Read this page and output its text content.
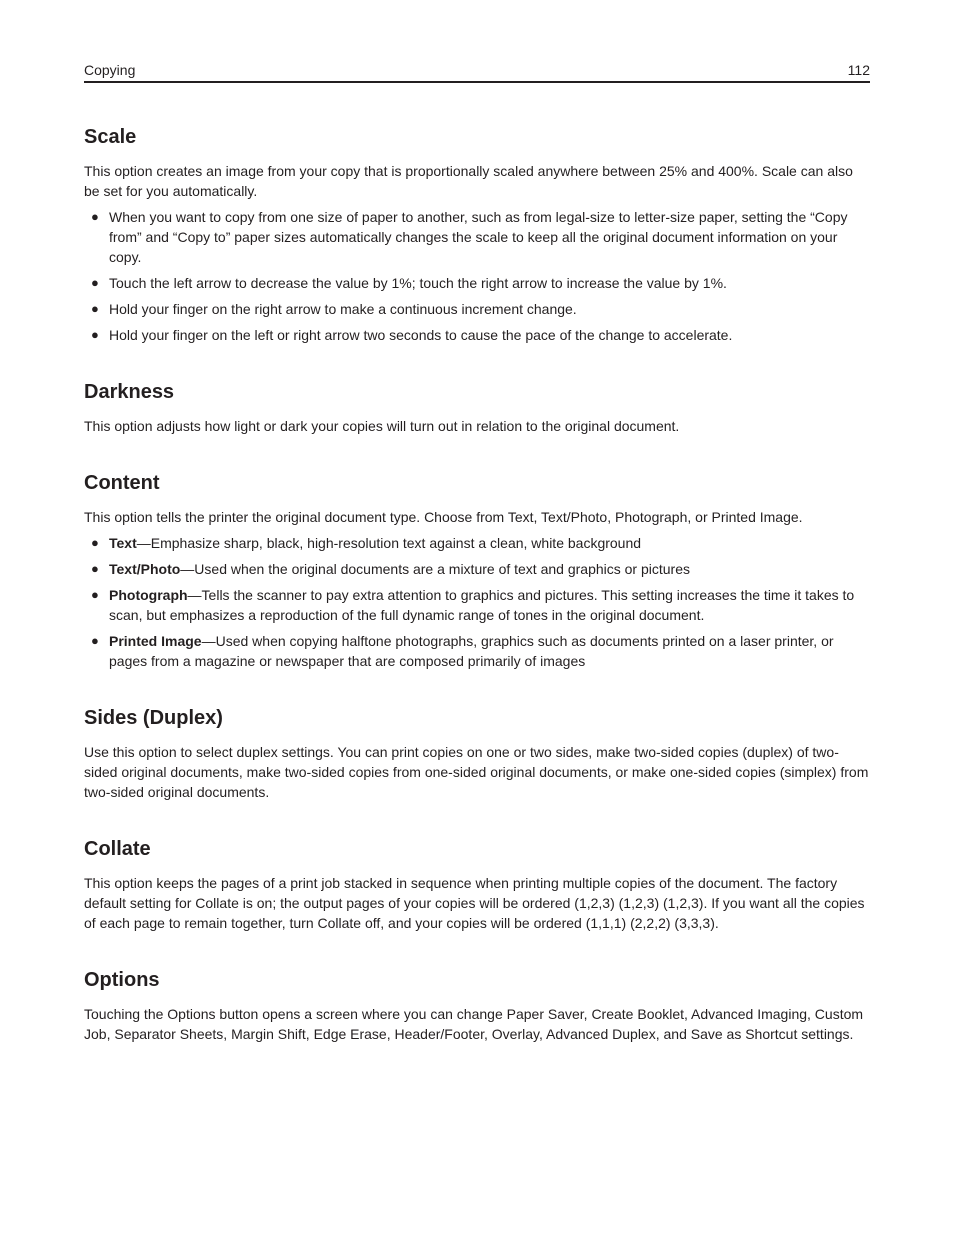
Copying	112
Scale

This option creates an image from your copy that is proportionally scaled anywhere between 25% and 400%. Scale can also be set for you automatically.

● When you want to copy from one size of paper to another, such as from legal-size to letter-size paper, setting the “Copy from” and “Copy to” paper sizes automatically changes the scale to keep all the original document information on your copy.
● Touch the left arrow to decrease the value by 1%; touch the right arrow to increase the value by 1%.
● Hold your finger on the right arrow to make a continuous increment change.
● Hold your finger on the left or right arrow two seconds to cause the pace of the change to accelerate.
Darkness

This option adjusts how light or dark your copies will turn out in relation to the original document.

Content

This option tells the printer the original document type. Choose from Text, Text/Photo, Photograph, or Printed Image.

● Text—Emphasize sharp, black, high-resolution text against a clean, white background
● Text/Photo—Used when the original documents are a mixture of text and graphics or pictures
● Photograph—Tells the scanner to pay extra attention to graphics and pictures. This setting increases the time it takes to scan, but emphasizes a reproduction of the full dynamic range of tones in the original document.
● Printed Image—Used when copying halftone photographs, graphics such as documents printed on a laser printer, or pages from a magazine or newspaper that are composed primarily of images
Sides (Duplex)

Use this option to select duplex settings. You can print copies on one or two sides, make two-sided copies (duplex) of two-sided original documents, make two-sided copies from one-sided original documents, or make one-sided copies (simplex) from two-sided original documents.

Collate

This option keeps the pages of a print job stacked in sequence when printing multiple copies of the document. The factory default setting for Collate is on; the output pages of your copies will be ordered (1,2,3) (1,2,3) (1,2,3). If you want all the copies of each page to remain together, turn Collate off, and your copies will be ordered (1,1,1) (2,2,2) (3,3,3).

Options

Touching the Options button opens a screen where you can change Paper Saver, Create Booklet, Advanced Imaging, Custom Job, Separator Sheets, Margin Shift, Edge Erase, Header/Footer, Overlay, Advanced Duplex, and Save as Shortcut settings.
